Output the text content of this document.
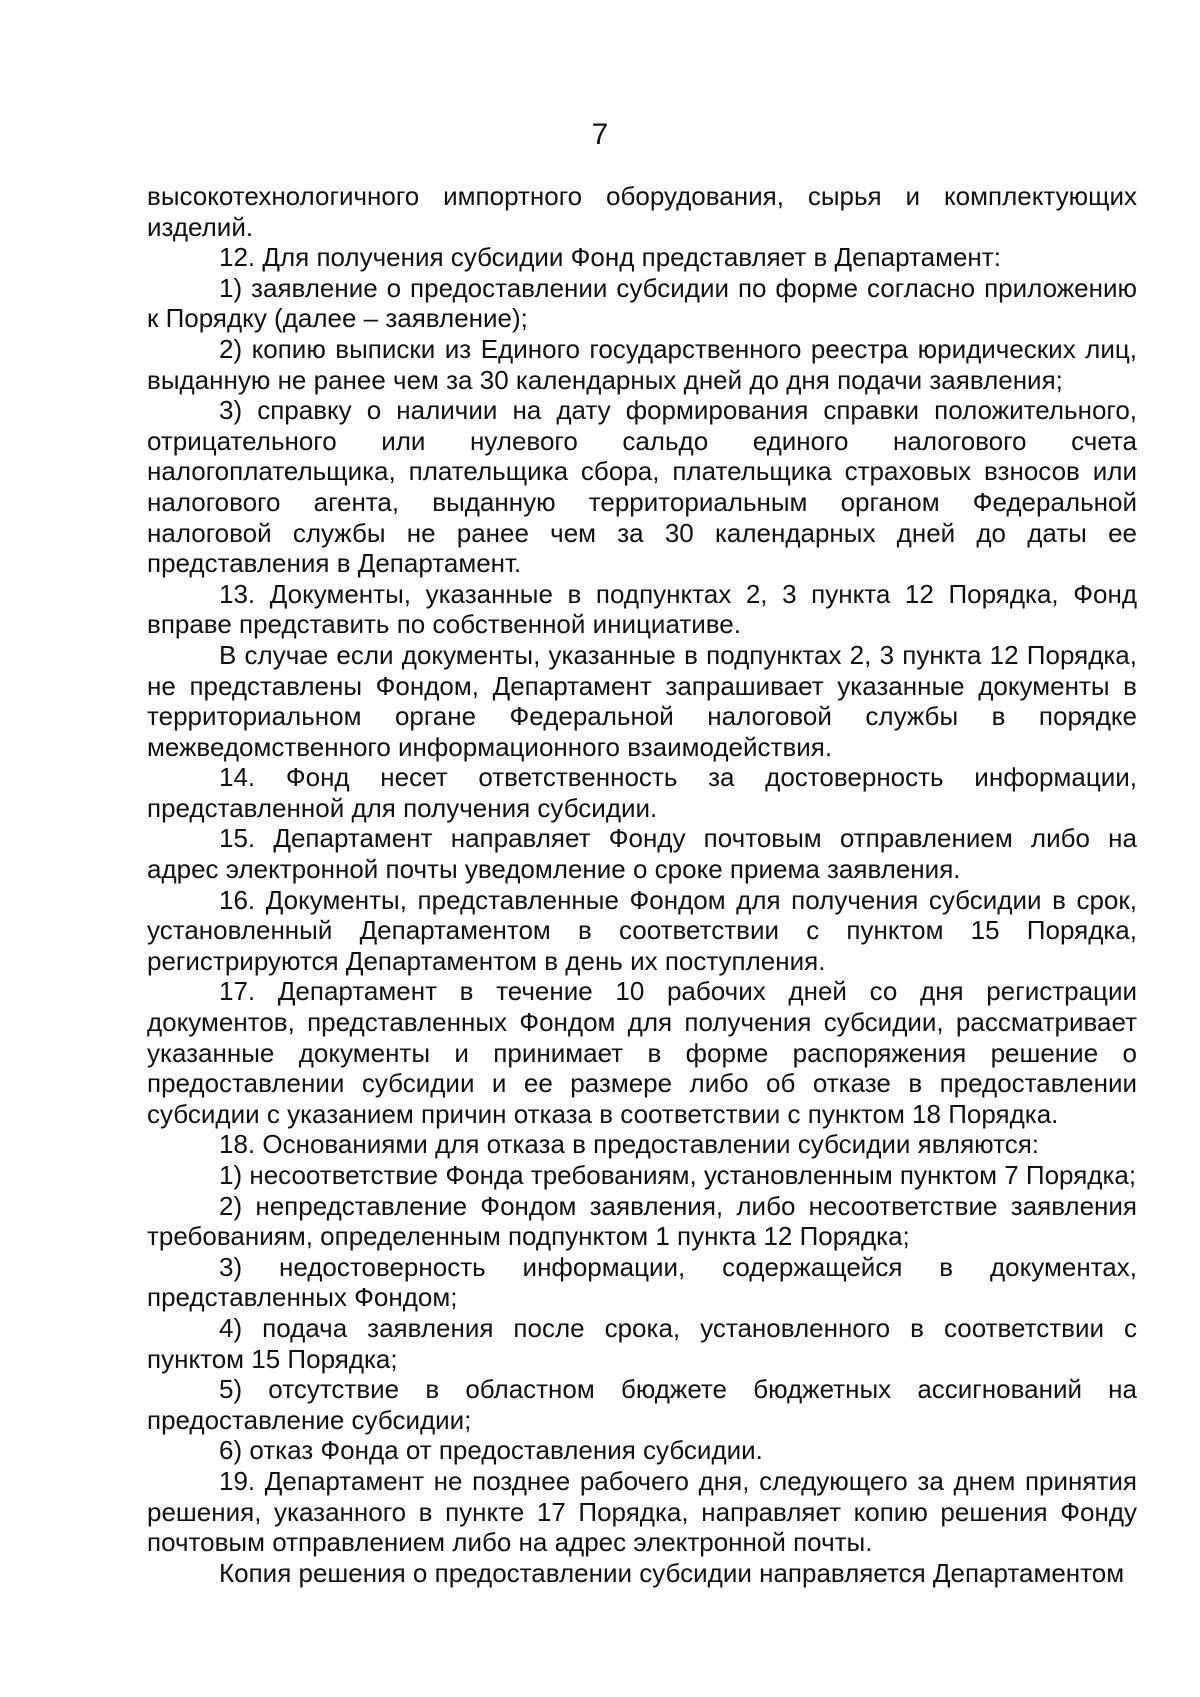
7

высокотехнологичного импортного оборудования, сырья и комплектующих изделий.

12. Для получения субсидии Фонд представляет в Департамент:

1) заявление о предоставлении субсидии по форме согласно приложению к Порядку (далее – заявление);

2) копию выписки из Единого государственного реестра юридических лиц, выданную не ранее чем за 30 календарных дней до дня подачи заявления;

3) справку о наличии на дату формирования справки положительного, отрицательного или нулевого сальдо единого налогового счета налогоплательщика, плательщика сбора, плательщика страховых взносов или налогового агента, выданную территориальным органом Федеральной налоговой службы не ранее чем за 30 календарных дней до даты ее представления в Департамент.

13. Документы, указанные в подпунктах 2, 3 пункта 12 Порядка, Фонд вправе представить по собственной инициативе.

В случае если документы, указанные в подпунктах 2, 3 пункта 12 Порядка, не представлены Фондом, Департамент запрашивает указанные документы в территориальном органе Федеральной налоговой службы в порядке межведомственного информационного взаимодействия.

14. Фонд несет ответственность за достоверность информации, представленной для получения субсидии.

15. Департамент направляет Фонду почтовым отправлением либо на адрес электронной почты уведомление о сроке приема заявления.

16. Документы, представленные Фондом для получения субсидии в срок, установленный Департаментом в соответствии с пунктом 15 Порядка, регистрируются Департаментом в день их поступления.

17. Департамент в течение 10 рабочих дней со дня регистрации документов, представленных Фондом для получения субсидии, рассматривает указанные документы и принимает в форме распоряжения решение о предоставлении субсидии и ее размере либо об отказе в предоставлении субсидии с указанием причин отказа в соответствии с пунктом 18 Порядка.

18. Основаниями для отказа в предоставлении субсидии являются:

1) несоответствие Фонда требованиям, установленным пунктом 7 Порядка;

2) непредставление Фондом заявления, либо несоответствие заявления требованиям, определенным подпунктом 1 пункта 12 Порядка;

3) недостоверность информации, содержащейся в документах, представленных Фондом;

4) подача заявления после срока, установленного в соответствии с пунктом 15 Порядка;

5) отсутствие в областном бюджете бюджетных ассигнований на предоставление субсидии;

6) отказ Фонда от предоставления субсидии.

19. Департамент не позднее рабочего дня, следующего за днем принятия решения, указанного в пункте 17 Порядка, направляет копию решения Фонду почтовым отправлением либо на адрес электронной почты.

Копия решения о предоставлении субсидии направляется Департаментом
